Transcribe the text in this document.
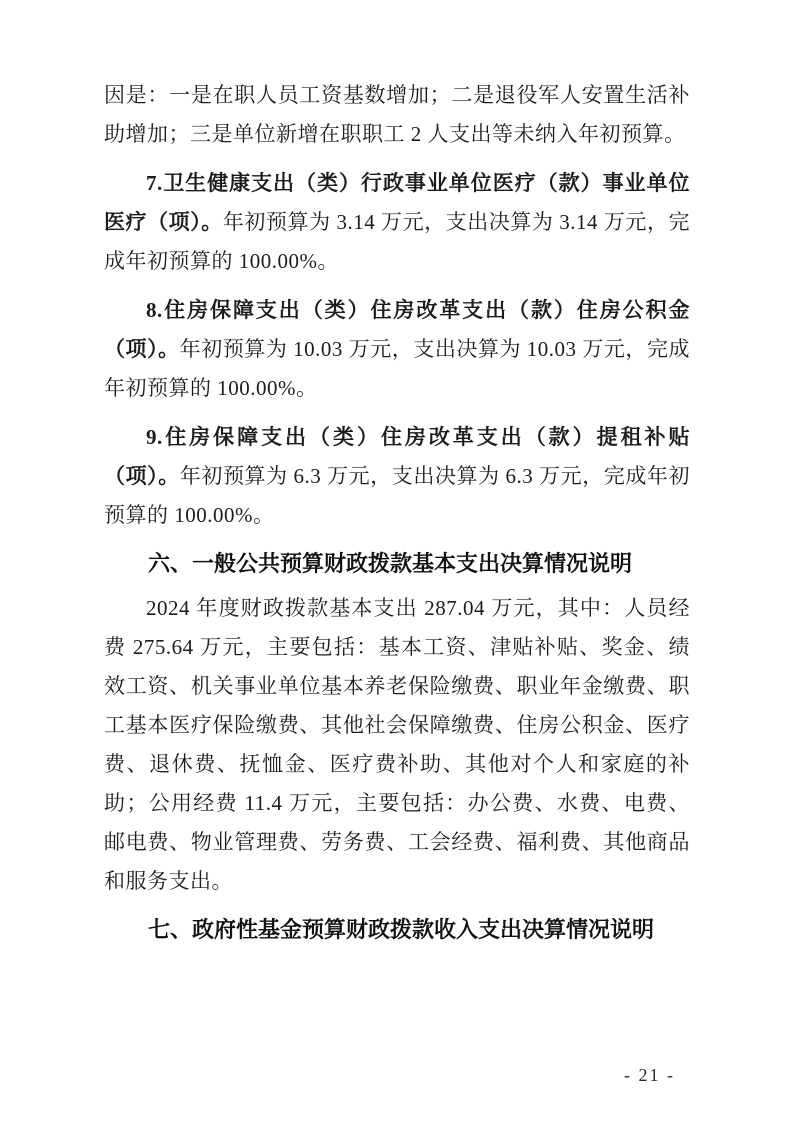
因是：一是在职人员工资基数增加；二是退役军人安置生活补助增加；三是单位新增在职职工 2 人支出等未纳入年初预算。

7.卫生健康支出（类）行政事业单位医疗（款）事业单位医疗（项）。年初预算为 3.14 万元，支出决算为 3.14 万元，完成年初预算的 100.00%。

8.住房保障支出（类）住房改革支出（款）住房公积金（项）。年初预算为 10.03 万元，支出决算为 10.03 万元，完成年初预算的 100.00%。

9.住房保障支出（类）住房改革支出（款）提租补贴（项）。年初预算为 6.3 万元，支出决算为 6.3 万元，完成年初预算的 100.00%。

六、一般公共预算财政拨款基本支出决算情况说明

2024 年度财政拨款基本支出 287.04 万元，其中：人员经费 275.64 万元，主要包括：基本工资、津贴补贴、奖金、绩效工资、机关事业单位基本养老保险缴费、职业年金缴费、职工基本医疗保险缴费、其他社会保障缴费、住房公积金、医疗费、退休费、抚恤金、医疗费补助、其他对个人和家庭的补助；公用经费 11.4 万元，主要包括：办公费、水费、电费、邮电费、物业管理费、劳务费、工会经费、福利费、其他商品和服务支出。

七、政府性基金预算财政拨款收入支出决算情况说明
- 21 -
